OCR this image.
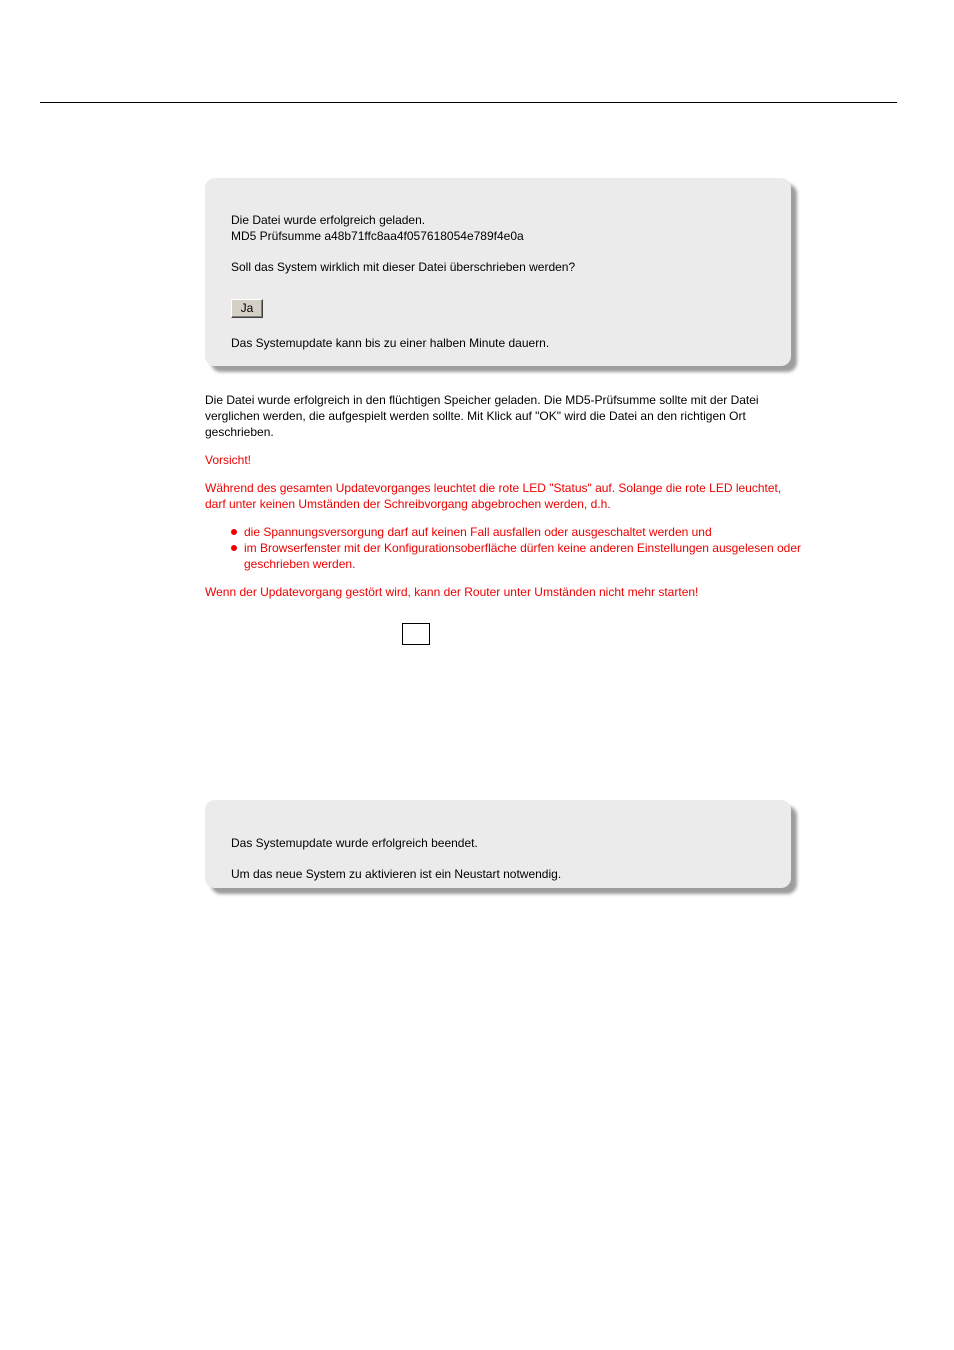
Die Datei wurde erfolgreich geladen.
MD5 Prüfsumme a48b71ffc8aa4f057618054e789f4e0a
Soll das System wirklich mit dieser Datei überschrieben werden?
Ja
Das Systemupdate kann bis zu einer halben Minute dauern.
Die Datei wurde erfolgreich in den flüchtigen Speicher geladen. Die MD5-Prüfsumme sollte mit der Datei verglichen werden, die aufgespielt werden sollte. Mit Klick auf "OK" wird die Datei an den richtigen Ort geschrieben.
Vorsicht!
Während des gesamten Updatevorganges leuchtet die rote LED "Status" auf. Solange die rote LED leuchtet, darf unter keinen Umständen der Schreibvorgang abgebrochen werden, d.h.
die Spannungsversorgung darf auf keinen Fall ausfallen oder ausgeschaltet werden und
im Browserfenster mit der Konfigurationsoberfläche dürfen keine anderen Einstellungen ausgelesen oder geschrieben werden.
Wenn der Updatevorgang gestört wird, kann der Router unter Umständen nicht mehr starten!
Das Systemupdate wurde erfolgreich beendet.
Um das neue System zu aktivieren ist ein Neustart notwendig.
